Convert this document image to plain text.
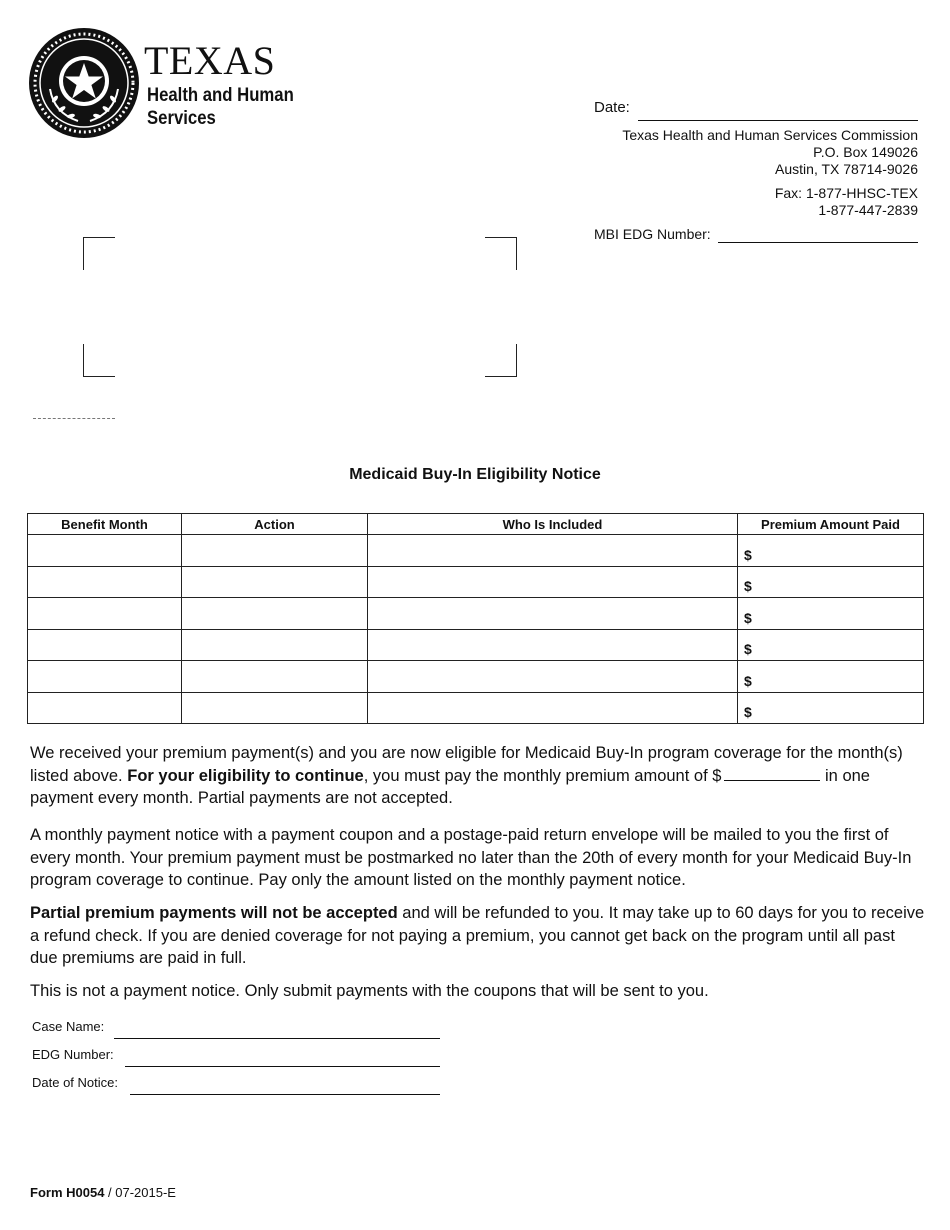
TEXAS
Health and Human
Services
Date:
Texas Health and Human Services Commission
P.O. Box 149026
Austin, TX 78714-9026
Fax: 1-877-HHSC-TEX
1-877-447-2839
MBI EDG Number:
Medicaid Buy-In Eligibility Notice
Benefit Month	Action	Who Is Included	Premium Amount Paid
			$
			$
			$
			$
			$
			$
We received your premium payment(s) and you are now eligible for Medicaid Buy-In program coverage for the month(s) listed above. For your eligibility to continue, you must pay the monthly premium amount of $	in one payment every month. Partial payments are not accepted.
A monthly payment notice with a payment coupon and a postage-paid return envelope will be mailed to you the first of every month. Your premium payment must be postmarked no later than the 20th of every month for your Medicaid Buy-In program coverage to continue. Pay only the amount listed on the monthly payment notice.
Partial premium payments will not be accepted and will be refunded to you. It may take up to 60 days for you to receive a refund check. If you are denied coverage for not paying a premium, you cannot get back on the program until all past due premiums are paid in full.
This is not a payment notice. Only submit payments with the coupons that will be sent to you.
Case Name:
EDG Number:
Date of Notice:
Form H0054 / 07-2015-E
